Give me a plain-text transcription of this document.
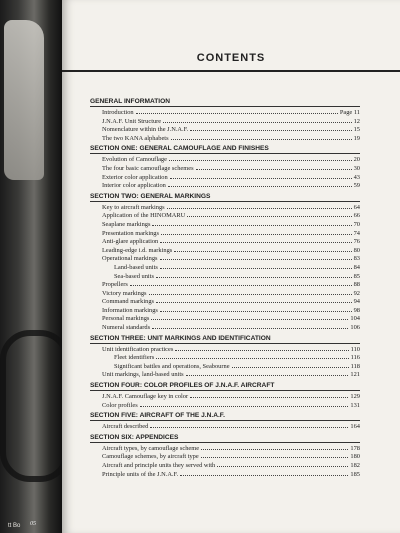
tt Bo 05
CONTENTS
GENERAL INFORMATION
Introduction	Page 11
J.N.A.F. Unit Structure	12
Nomenclature within the J.N.A.F.	15
The two KANA alphabets	19
SECTION ONE: GENERAL CAMOUFLAGE AND FINISHES
Evolution of Camouflage	20
The four basic camouflage schemes	30
Exterior color application	43
Interior color application	59
SECTION TWO: GENERAL MARKINGS
Key to aircraft markings	64
Application of the HINOMARU	66
Seaplane markings	70
Presentation markings	74
Anti-glare application	76
Leading-edge i.d. markings	80
Operational markings	83
Land-based units	84
Sea-based units	85
Propellers	88
Victory markings	92
Command markings	94
Information markings	98
Personal markings	104
Numeral standards	106
SECTION THREE: UNIT MARKINGS AND IDENTIFICATION
Unit identification practices	110
Fleet identifiers	116
Significant battles and operations, Seabourne	118
Unit markings, land-based units	121
SECTION FOUR: COLOR PROFILES OF J.N.A.F. AIRCRAFT
J.N.A.F. Camouflage key in color	129
Color profiles	131
SECTION FIVE: AIRCRAFT OF THE J.N.A.F.
Aircraft described	164
SECTION SIX: APPENDICES
Aircraft types, by camouflage scheme	178
Camouflage schemes, by aircraft type	180
Aircraft and principle units they served with	182
Principle units of the J.N.A.F.	185
